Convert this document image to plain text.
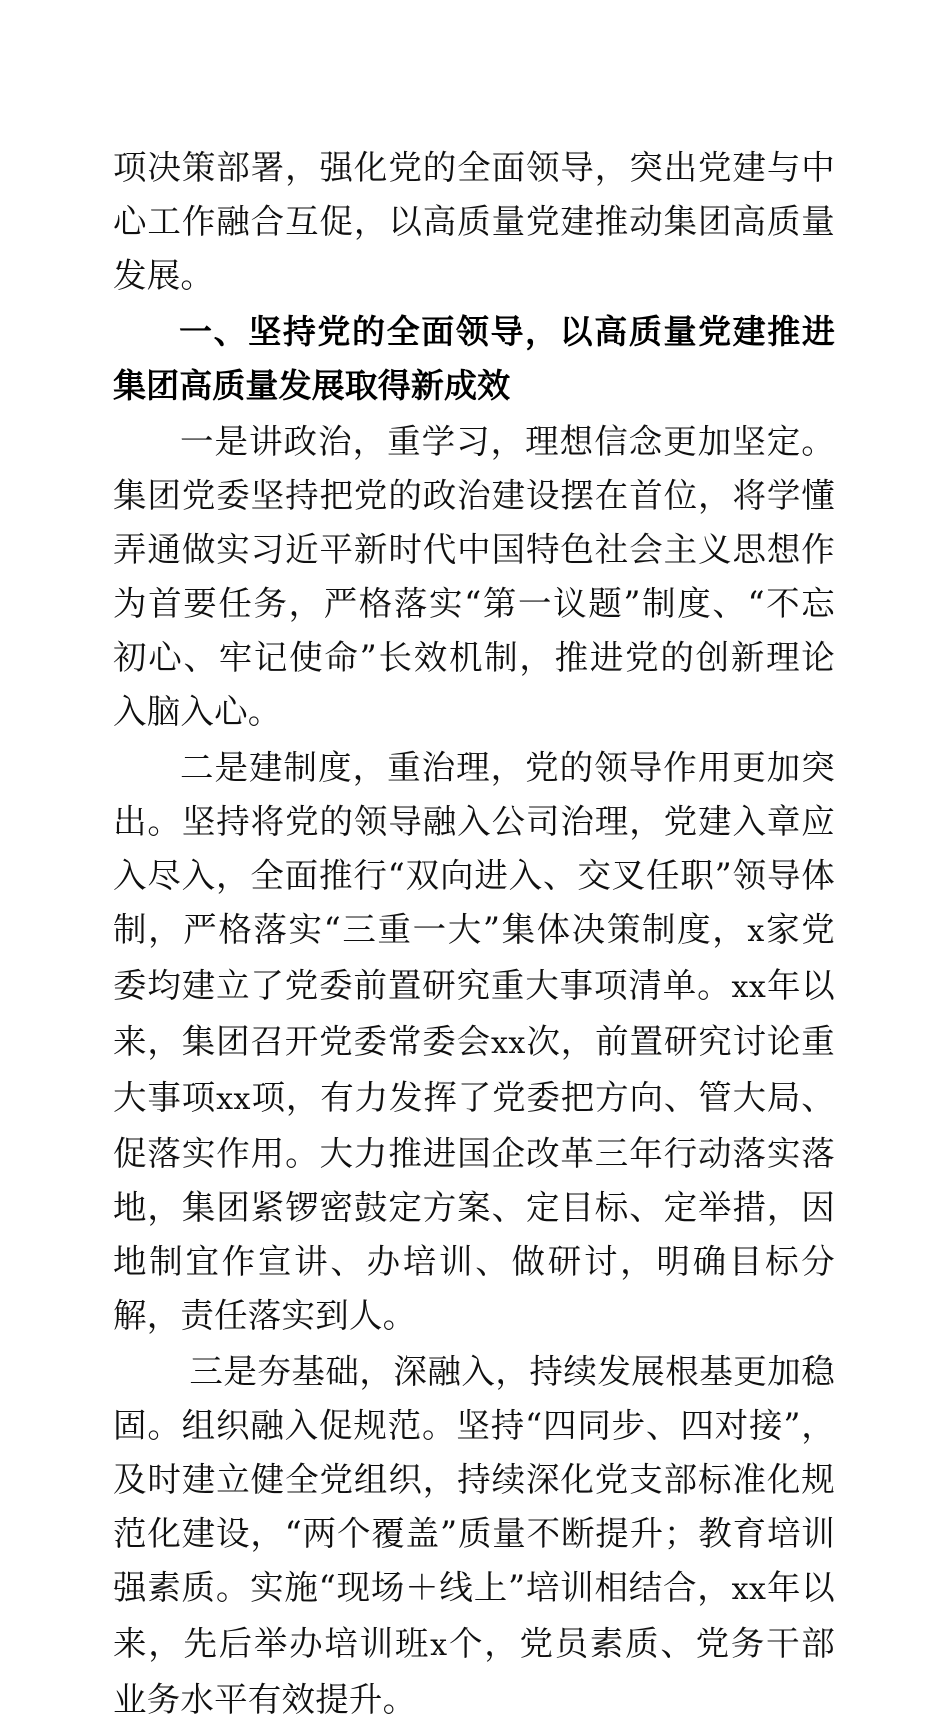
项决策部署，强化党的全面领导，突出党建与中心工作融合互促，以高质量党建推动集团高质量发展。

一、坚持党的全面领导，以高质量党建推进集团高质量发展取得新成效

一是讲政治，重学习，理想信念更加坚定。集团党委坚持把党的政治建设摆在首位，将学懂弄通做实习近平新时代中国特色社会主义思想作为首要任务，严格落实“第一议题”制度、“不忘初心、牢记使命”长效机制，推进党的创新理论入脑入心。

二是建制度，重治理，党的领导作用更加突出。坚持将党的领导融入公司治理，党建入章应入尽入，全面推行“双向进入、交叉任职”领导体制，严格落实“三重一大”集体决策制度，x家党委均建立了党委前置研究重大事项清单。xx年以来，集团召开党委常委会xx次，前置研究讨论重大事项xx项，有力发挥了党委把方向、管大局、促落实作用。大力推进国企改革三年行动落实落地，集团紧锣密鼓定方案、定目标、定举措，因地制宜作宣讲、办培训、做研讨，明确目标分解，责任落实到人。

三是夯基础，深融入，持续发展根基更加稳固。组织融入促规范。坚持“四同步、四对接”，及时建立健全党组织，持续深化党支部标准化规范化建设，“两个覆盖”质量不断提升；教育培训强素质。实施“现场＋线上”培训相结合，xx年以来，先后举办培训班x个，党员素质、党务干部业务水平有效提升。
